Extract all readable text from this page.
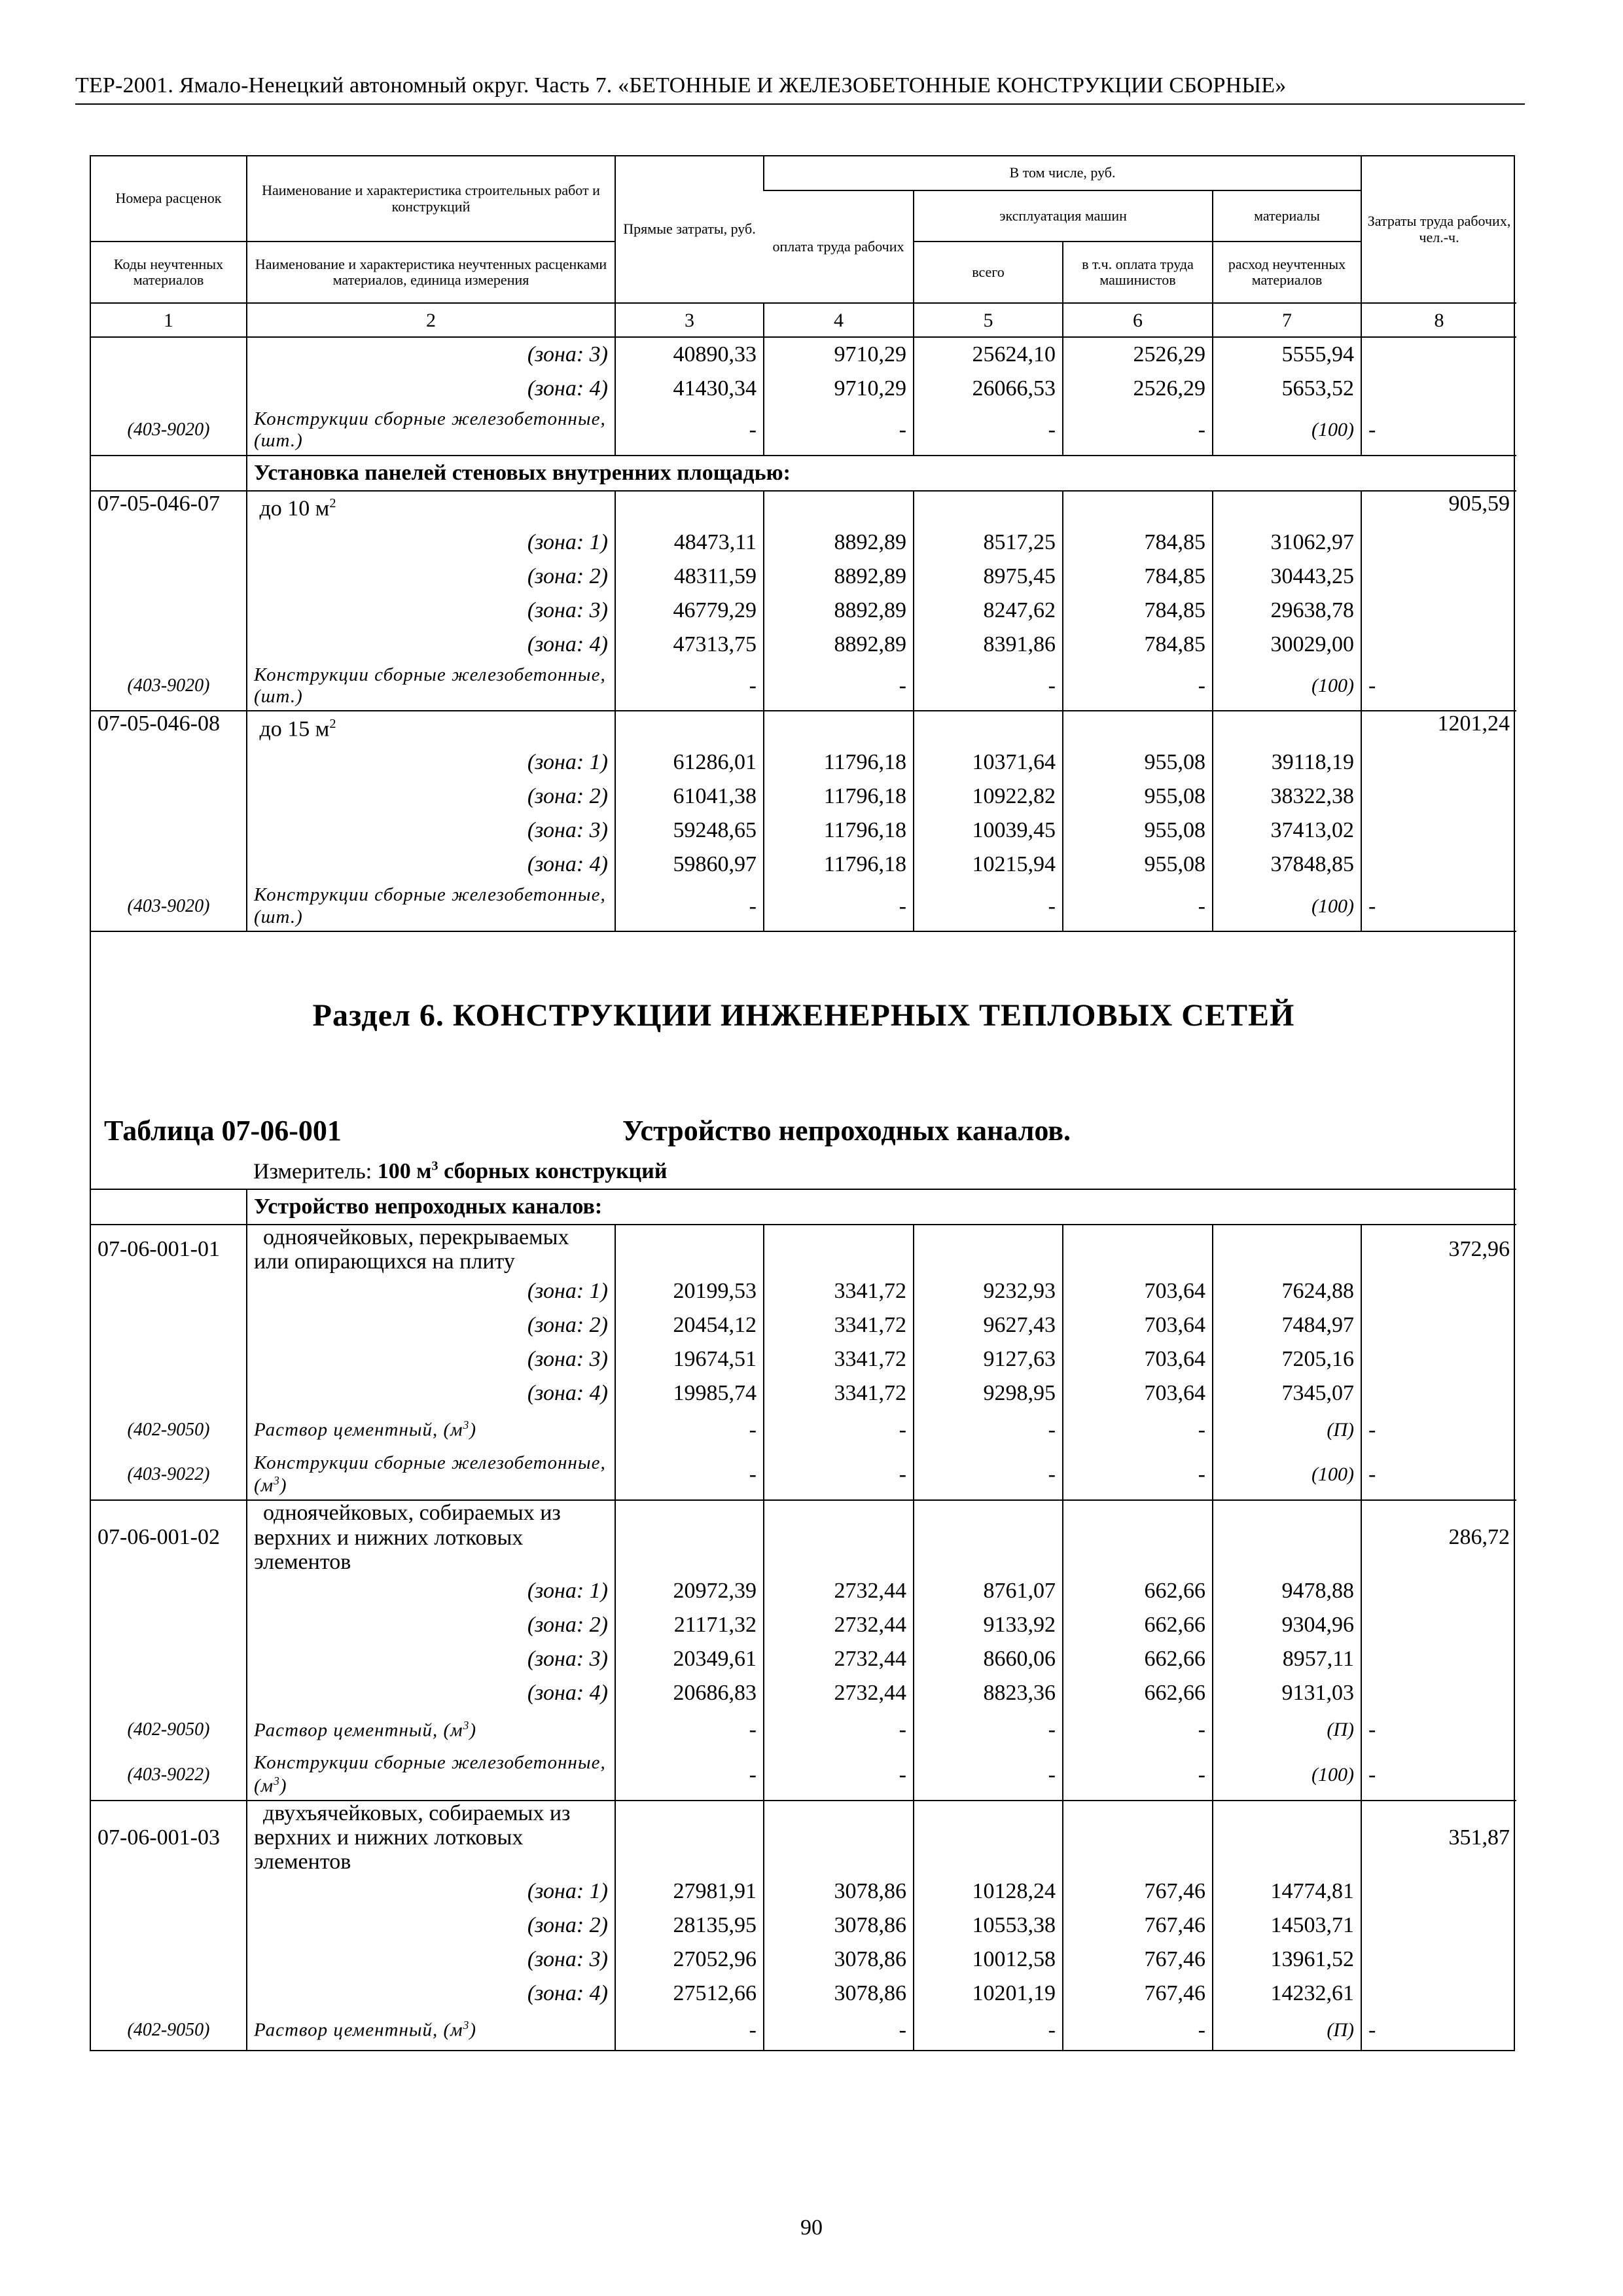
ТЕР-2001. Ямало-Ненецкий автономный округ. Часть 7. «БЕТОННЫЕ И ЖЕЛЕЗОБЕТОННЫЕ КОНСТРУКЦИИ СБОРНЫЕ»
Номера расценок	Наименование и характеристика строительных работ и конструкций	Прямые затраты, руб.	В том числе, руб.				Затраты труда рабочих, чел.-ч.
			оплата труда рабочих	эксплуатация машин		материалы	
Коды неучтенных материалов	Наименование и характеристика неучтенных расценками материалов, единица измерения			всего	в т.ч. оплата труда машинистов	расход неучтенных материалов	
1	2	3	4	5	6	7	8
	(зона: 3)	40890,33	9710,29	25624,10	2526,29	5555,94	
	(зона: 4)	41430,34	9710,29	26066,53	2526,29	5653,52	
(403-9020)	Конструкции сборные железобетонные, (шт.)	-	-	-	-	(100)	-
	Установка панелей стеновых внутренних площадью:						
07-05-046-07	до 10 $м^2$						905,59
	(зона: 1)	48473,11	8892,89	8517,25	784,85	31062,97	
	(зона: 2)	48311,59	8892,89	8975,45	784,85	30443,25	
	(зона: 3)	46779,29	8892,89	8247,62	784,85	29638,78	
	(зона: 4)	47313,75	8892,89	8391,86	784,85	30029,00	
(403-9020)	Конструкции сборные железобетонные, (шт.)	-	-	-	-	(100)	-
07-05-046-08	до 15 $м^2$						1201,24
	(зона: 1)	61286,01	11796,18	10371,64	955,08	39118,19	
	(зона: 2)	61041,38	11796,18	10922,82	955,08	38322,38	
	(зона: 3)	59248,65	11796,18	10039,45	955,08	37413,02	
	(зона: 4)	59860,97	11796,18	10215,94	955,08	37848,85	
(403-9020)	Конструкции сборные железобетонные, (шт.)	-	-	-	-	(100)	-

Раздел 6. КОНСТРУКЦИИ ИНЖЕНЕРНЫХ ТЕПЛОВЫХ СЕТЕЙ
Таблица 07-06-001 Устройство непроходных каналов.							

	Измеритель: 100 $м^3$ сборных конструкций						
	Устройство непроходных каналов:						
07-06-001-01	одноячейковых, перекрываемых или опирающихся на плиту						372,96
	(зона: 1)	20199,53	3341,72	9232,93	703,64	7624,88	
	(зона: 2)	20454,12	3341,72	9627,43	703,64	7484,97	
	(зона: 3)	19674,51	3341,72	9127,63	703,64	7205,16	
	(зона: 4)	19985,74	3341,72	9298,95	703,64	7345,07	
(402-9050)	Раствор цементный, $(м^3)$	-	-	-	-	(П)	-
(403-9022)	Конструкции сборные железобетонные, $(м^3)$	-	-	-	-	(100)	-
07-06-001-02	одноячейковых, собираемых из верхних и нижних лотковых элементов						286,72
	(зона: 1)	20972,39	2732,44	8761,07	662,66	9478,88	
	(зона: 2)	21171,32	2732,44	9133,92	662,66	9304,96	
	(зона: 3)	20349,61	2732,44	8660,06	662,66	8957,11	
	(зона: 4)	20686,83	2732,44	8823,36	662,66	9131,03	
(402-9050)	Раствор цементный, $(м^3)$	-	-	-	-	(П)	-
(403-9022)	Конструкции сборные железобетонные, $(м^3)$	-	-	-	-	(100)	-
07-06-001-03	двухъячейковых, собираемых из верхних и нижних лотковых элементов						351,87
	(зона: 1)	27981,91	3078,86	10128,24	767,46	14774,81	
	(зона: 2)	28135,95	3078,86	10553,38	767,46	14503,71	
	(зона: 3)	27052,96	3078,86	10012,58	767,46	13961,52	
	(зона: 4)	27512,66	3078,86	10201,19	767,46	14232,61	
(402-9050)	Раствор цементный, $(м^3)$	-	-	-	-	(П)	-
90
